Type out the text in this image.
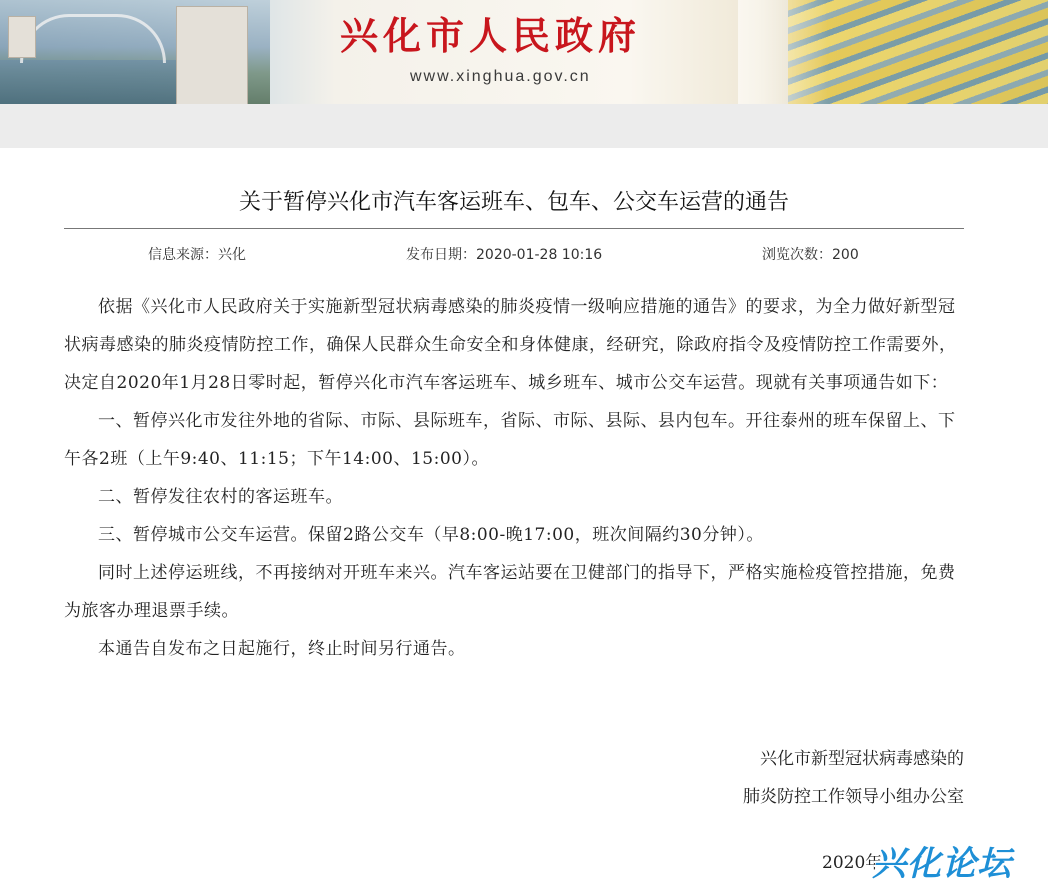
兴化市人民政府
www.xinghua.gov.cn
关于暂停兴化市汽车客运班车、包车、公交车运营的通告
信息来源：兴化	发布日期：2020-01-28 10:16	浏览次数：200

依据《兴化市人民政府关于实施新型冠状病毒感染的肺炎疫情一级响应措施的通告》的要求，为全力做好新型冠状病毒感染的肺炎疫情防控工作，确保人民群众生命安全和身体健康，经研究，除政府指令及疫情防控工作需要外，决定自2020年1月28日零时起，暂停兴化市汽车客运班车、城乡班车、城市公交车运营。现就有关事项通告如下：

一、暂停兴化市发往外地的省际、市际、县际班车，省际、市际、县际、县内包车。开往泰州的班车保留上、下午各2班（上午9:40、11:15；下午14:00、15:00）。

二、暂停发往农村的客运班车。

三、暂停城市公交车运营。保留2路公交车（早8:00-晚17:00，班次间隔约30分钟）。

同时上述停运班线，不再接纳对开班车来兴。汽车客运站要在卫健部门的指导下，严格实施检疫管控措施，免费为旅客办理退票手续。

本通告自发布之日起施行，终止时间另行通告。

兴化市新型冠状病毒感染的
肺炎防控工作领导小组办公室
2020年
兴化论坛
